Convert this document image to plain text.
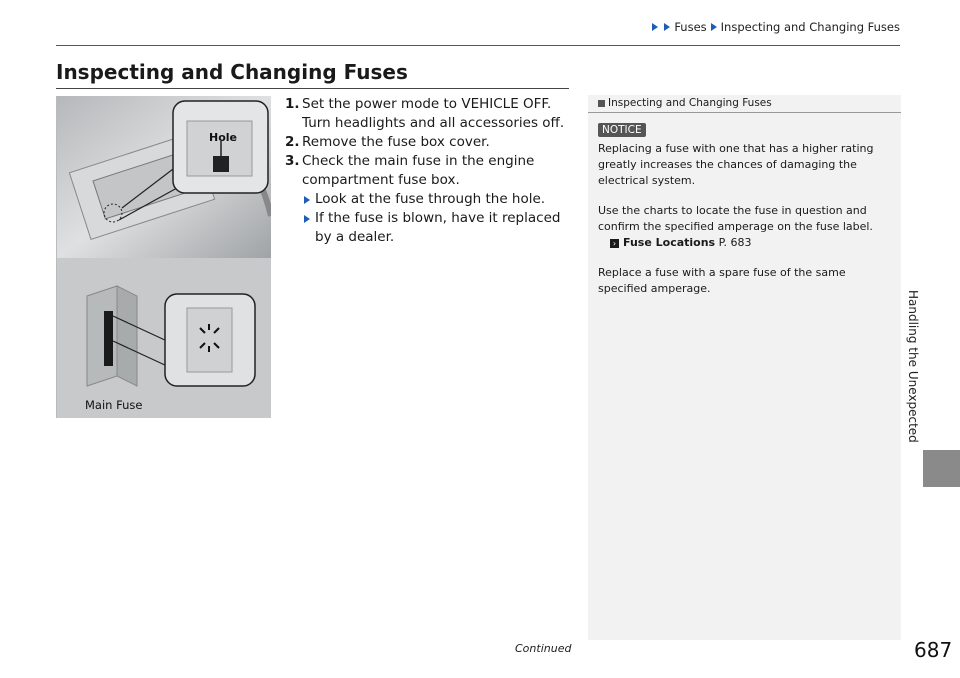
Fuses Inspecting and Changing Fuses
Inspecting and Changing Fuses
Hole
Main Fuse
1. Set the power mode to VEHICLE OFF. Turn headlights and all accessories off.
2. Remove the fuse box cover.
3. Check the main fuse in the engine compartment fuse box.
Look at the fuse through the hole.
If the fuse is blown, have it replaced by a dealer.
Inspecting and Changing Fuses
NOTICE

Replacing a fuse with one that has a higher rating greatly increases the chances of damaging the electrical system.

Use the charts to locate the fuse in question and confirm the specified amperage on the fuse label.

› Fuse Locations P. 683

Replace a fuse with a spare fuse of the same specified amperage.

Handling the Unexpected
Continued	687
